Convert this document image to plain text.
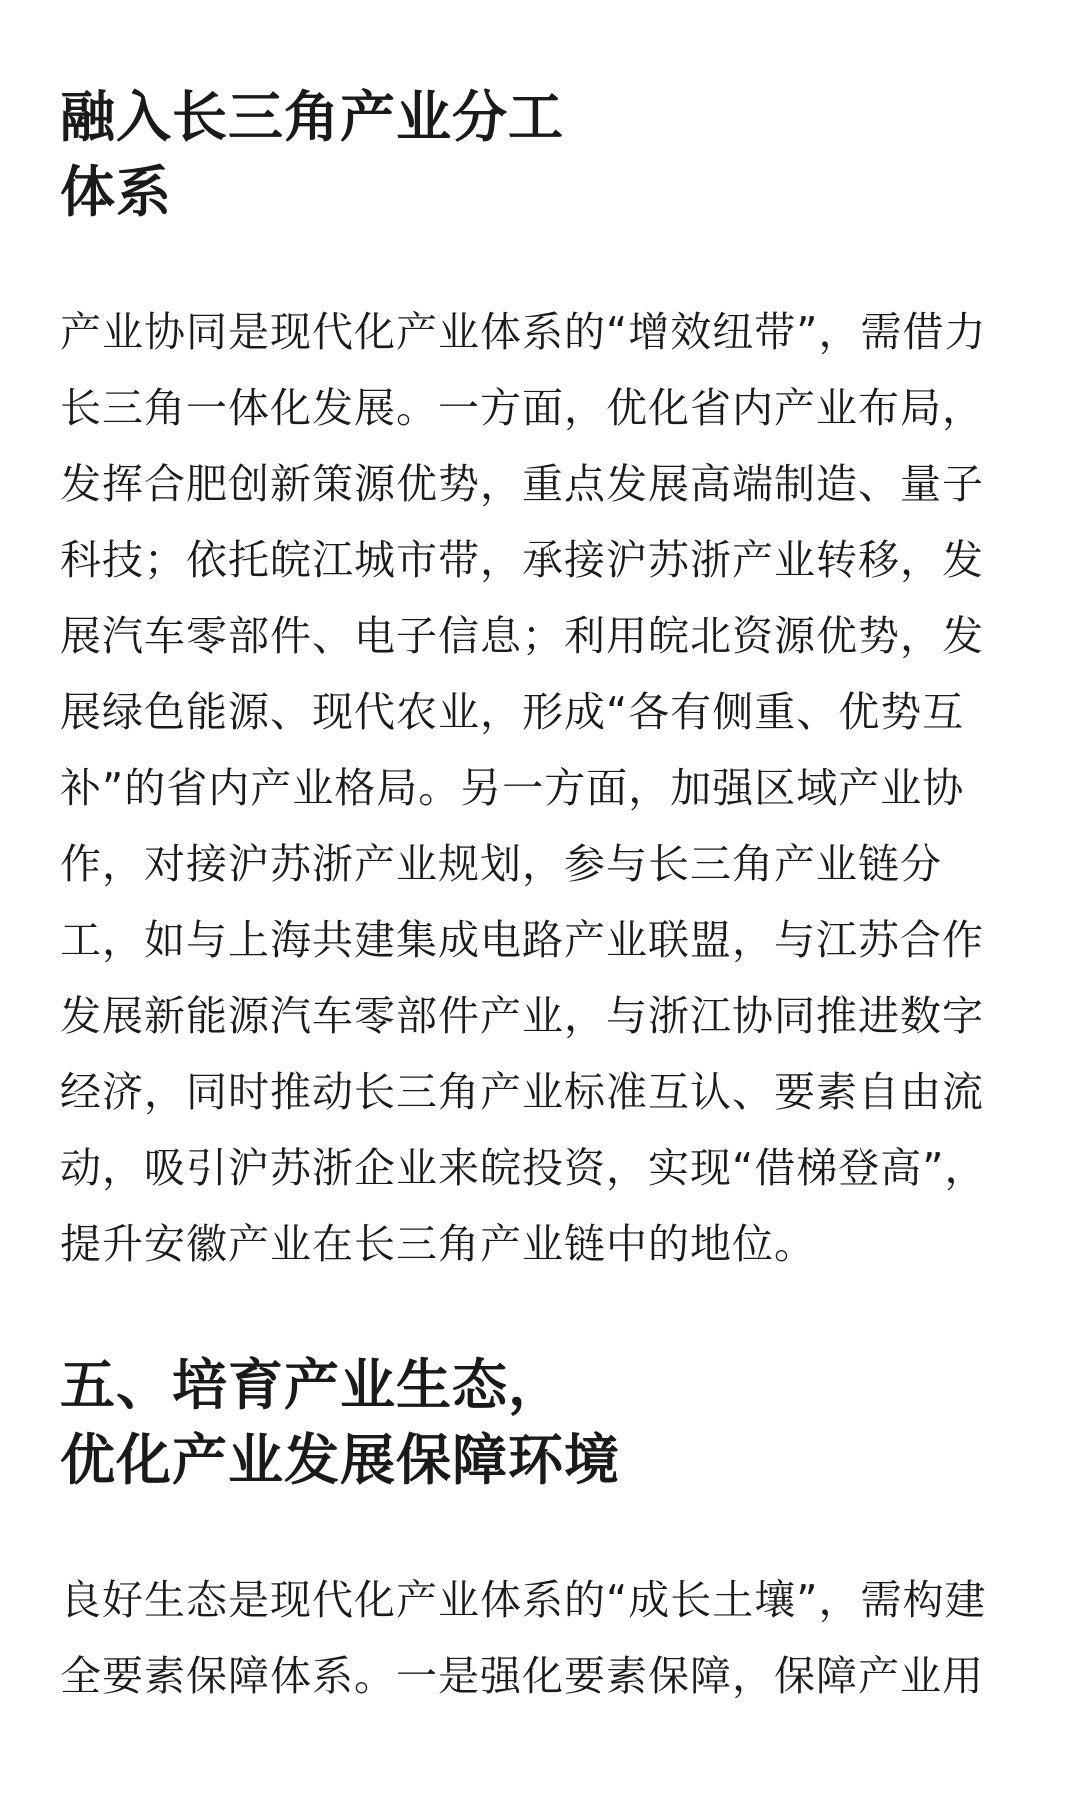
融入长三角产业分工
体系

产业协同是现代化产业体系的“增效纽带”，需借力
长三角一体化发展。一方面，优化省内产业布局，
发挥合肥创新策源优势，重点发展高端制造、量子
科技；依托皖江城市带，承接沪苏浙产业转移，发
展汽车零部件、电子信息；利用皖北资源优势，发
展绿色能源、现代农业，形成“各有侧重、优势互
补”的省内产业格局。另一方面，加强区域产业协
作，对接沪苏浙产业规划，参与长三角产业链分
工，如与上海共建集成电路产业联盟，与江苏合作
发展新能源汽车零部件产业，与浙江协同推进数字
经济，同时推动长三角产业标准互认、要素自由流
动，吸引沪苏浙企业来皖投资，实现“借梯登高”，
提升安徽产业在长三角产业链中的地位。

五、培育产业生态，
优化产业发展保障环境

良好生态是现代化产业体系的“成长土壤”，需构建
全要素保障体系。一是强化要素保障，保障产业用
